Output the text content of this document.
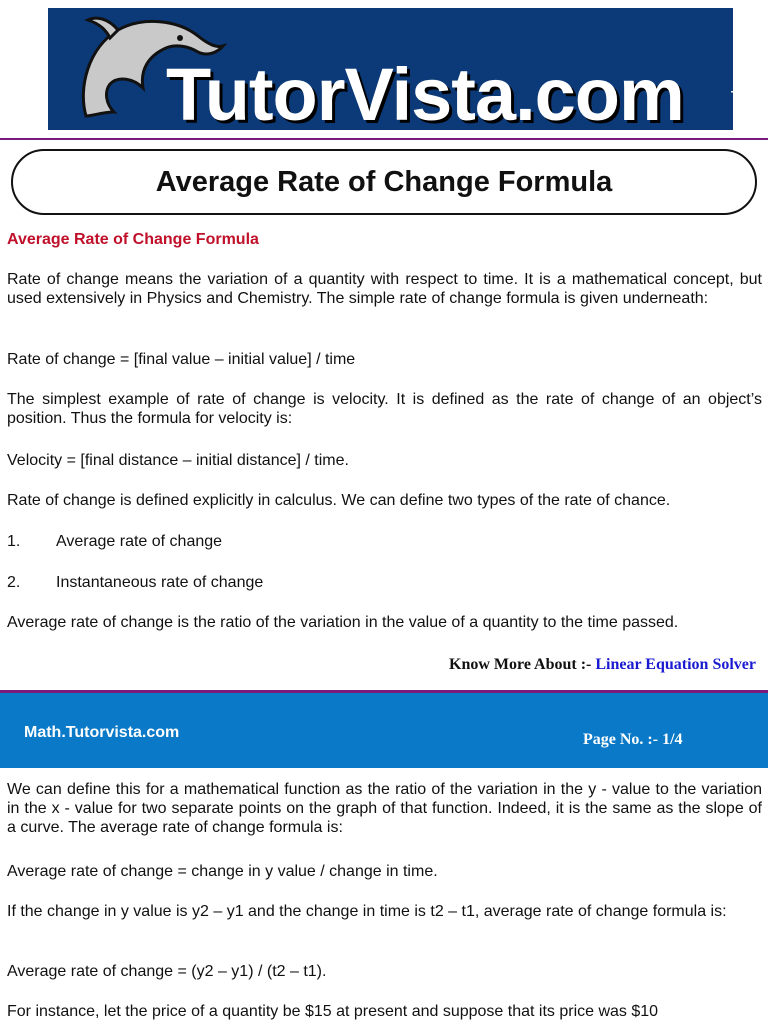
TutorVista.com	TM
Average Rate of Change Formula

Average Rate of Change Formula

Rate of change means the variation of a quantity with respect to time. It is a mathematical concept, but used extensively in Physics and Chemistry. The simple rate of change formula is given underneath:

Rate of change = [final value – initial value] / time

The simplest example of rate of change is velocity. It is defined as the rate of change of an object’s position. Thus the formula for velocity is:

Velocity = [final distance – initial distance] / time.

Rate of change is defined explicitly in calculus. We can define two types of the rate of chance.

1. Average rate of change
2. Instantaneous rate of change

Average rate of change is the ratio of the variation in the value of a quantity to the time passed.

Know More About :- Linear Equation Solver
Math.Tutorvista.com	Page No. :- 1/4

We can define this for a mathematical function as the ratio of the variation in the y - value to the variation in the x - value for two separate points on the graph of that function. Indeed, it is the same as the slope of a curve. The average rate of change formula is:

Average rate of change = change in y value / change in time.

If the change in y value is y2 – y1 and the change in time is t2 – t1, average rate of change formula is:

Average rate of change = (y2 – y1) / (t2 – t1).

For instance, let the price of a quantity be $15 at present and suppose that its price was $10
